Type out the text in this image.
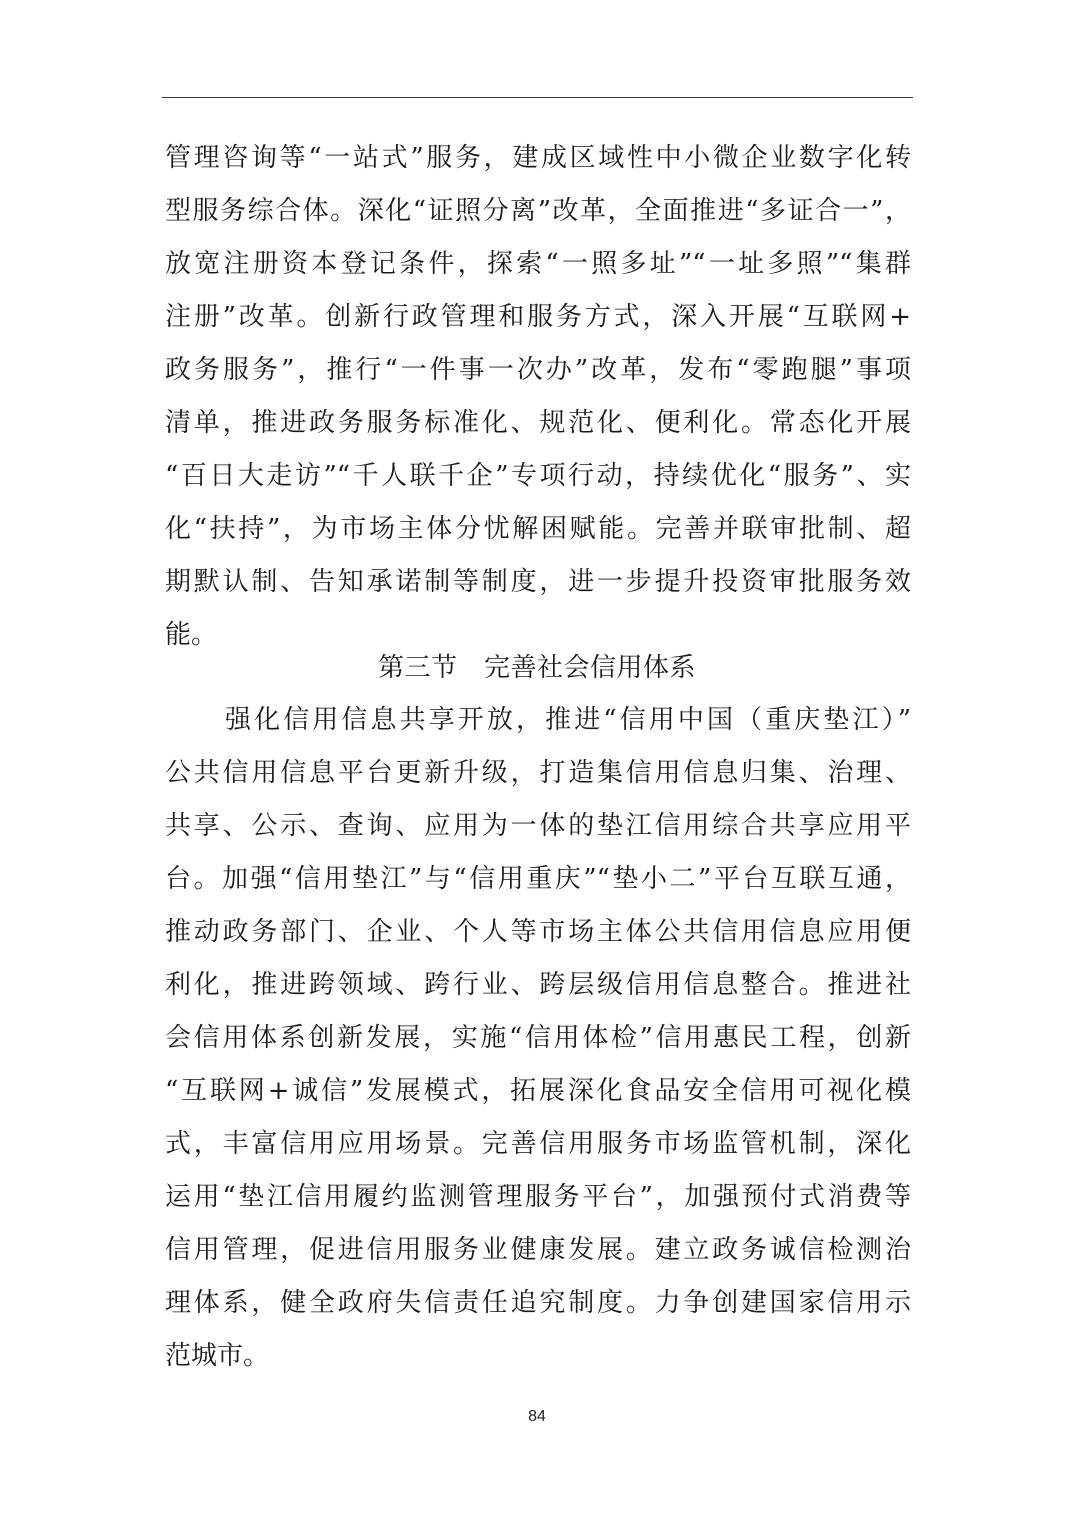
管理咨询等“一站式”服务，建成区域性中小微企业数字化转
型服务综合体。深化“证照分离”改革，全面推进“多证合一”，
放宽注册资本登记条件，探索“一照多址”“一址多照”“集群
注册”改革。创新行政管理和服务方式，深入开展“互联网+
政务服务”，推行“一件事一次办”改革，发布“零跑腿”事项
清单，推进政务服务标准化、规范化、便利化。常态化开展
“百日大走访”“千人联千企”专项行动，持续优化“服务”、实
化“扶持”，为市场主体分忧解困赋能。完善并联审批制、超
期默认制、告知承诺制等制度，进一步提升投资审批服务效
能。
第三节　完善社会信用体系
强化信用信息共享开放，推进“信用中国（重庆垫江）”
公共信用信息平台更新升级，打造集信用信息归集、治理、
共享、公示、查询、应用为一体的垫江信用综合共享应用平
台。加强“信用垫江”与“信用重庆”“垫小二”平台互联互通，
推动政务部门、企业、个人等市场主体公共信用信息应用便
利化，推进跨领域、跨行业、跨层级信用信息整合。推进社
会信用体系创新发展，实施“信用体检”信用惠民工程，创新
“互联网+诚信”发展模式，拓展深化食品安全信用可视化模
式，丰富信用应用场景。完善信用服务市场监管机制，深化
运用“垫江信用履约监测管理服务平台”，加强预付式消费等
信用管理，促进信用服务业健康发展。建立政务诚信检测治
理体系，健全政府失信责任追究制度。力争创建国家信用示
范城市。
84
